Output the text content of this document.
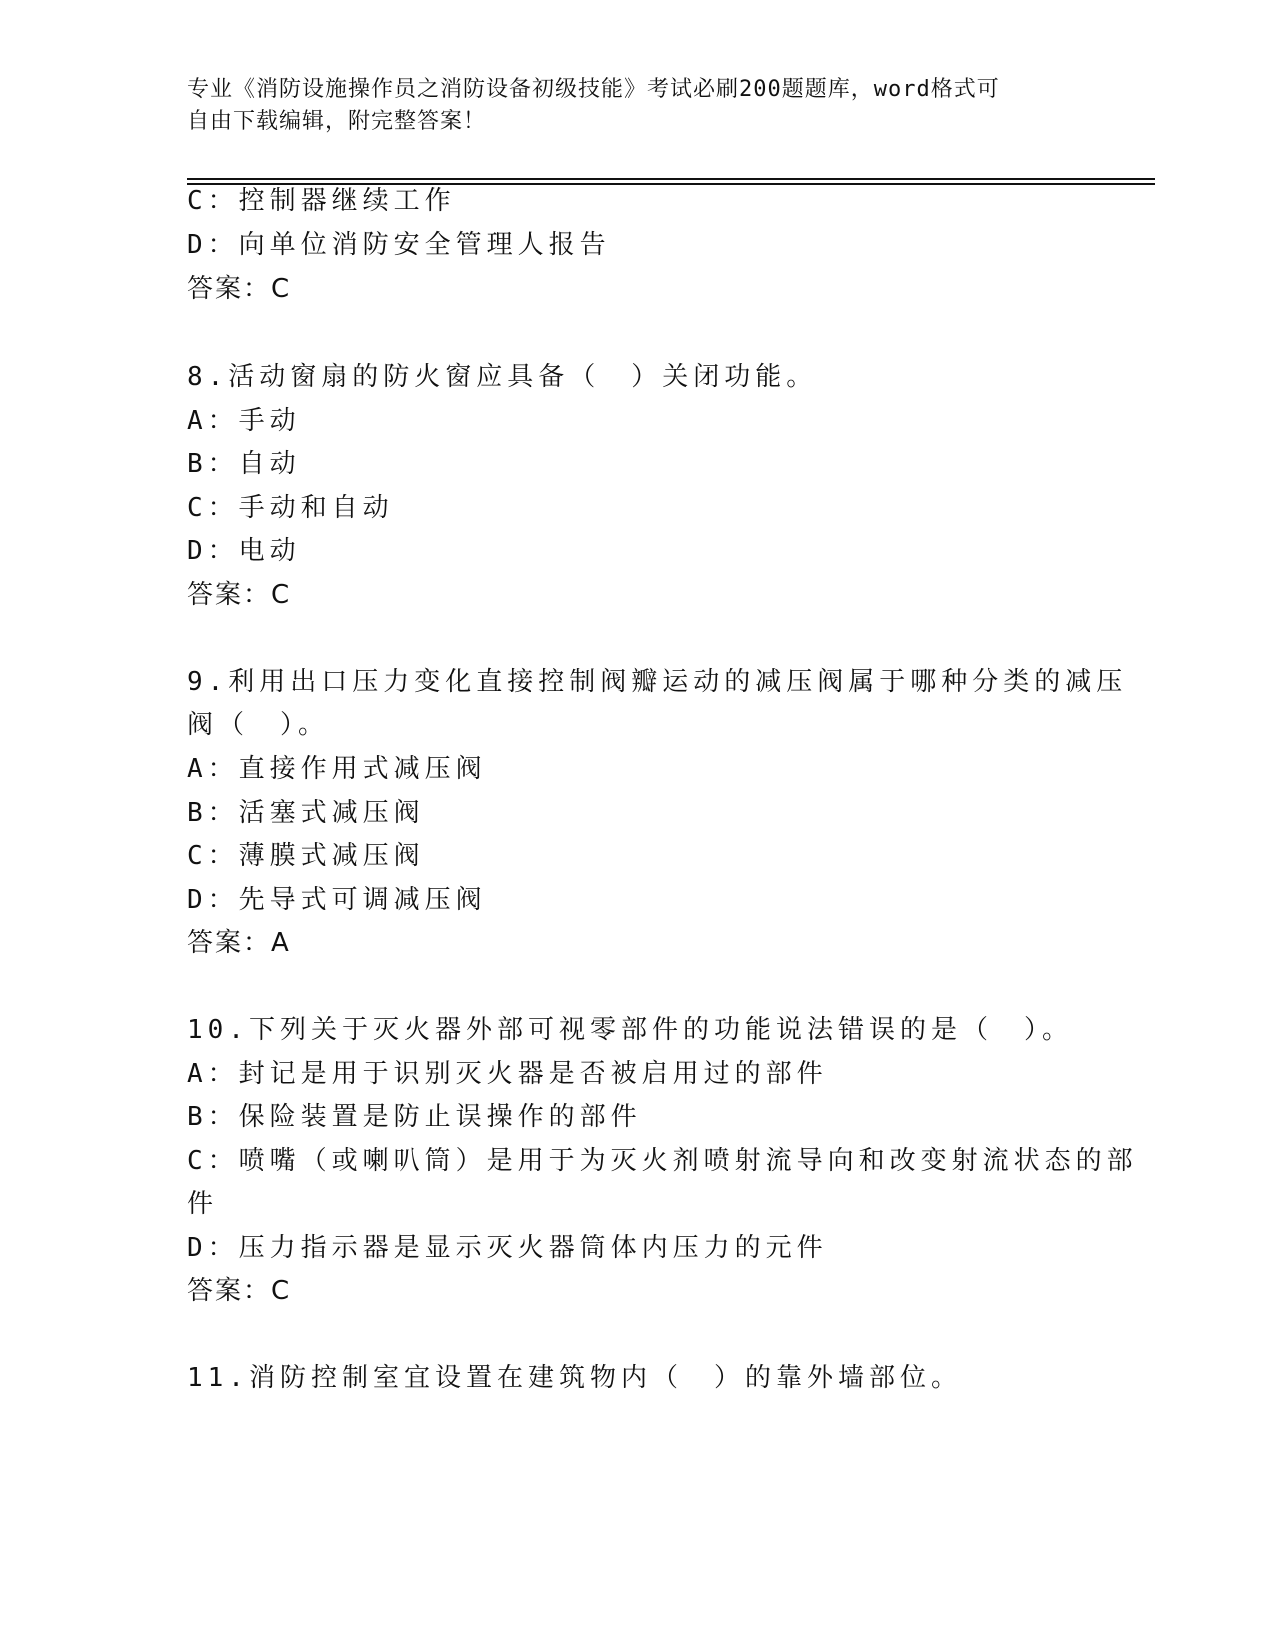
专业《消防设施操作员之消防设备初级技能》考试必刷200题题库，word格式可
自由下载编辑，附完整答案！
C：控制器继续工作
D：向单位消防安全管理人报告
答案：C
8.活动窗扇的防火窗应具备（　）关闭功能。
A：手动
B：自动
C：手动和自动
D：电动
答案：C
9.利用出口压力变化直接控制阀瓣运动的减压阀属于哪种分类的减压
阀（　）。
A：直接作用式减压阀
B：活塞式减压阀
C：薄膜式减压阀
D：先导式可调减压阀
答案：A
10.下列关于灭火器外部可视零部件的功能说法错误的是（　）。
A：封记是用于识别灭火器是否被启用过的部件
B：保险装置是防止误操作的部件
C：喷嘴（或喇叭筒）是用于为灭火剂喷射流导向和改变射流状态的部
件
D：压力指示器是显示灭火器筒体内压力的元件
答案：C
11.消防控制室宜设置在建筑物内（　）的靠外墙部位。
